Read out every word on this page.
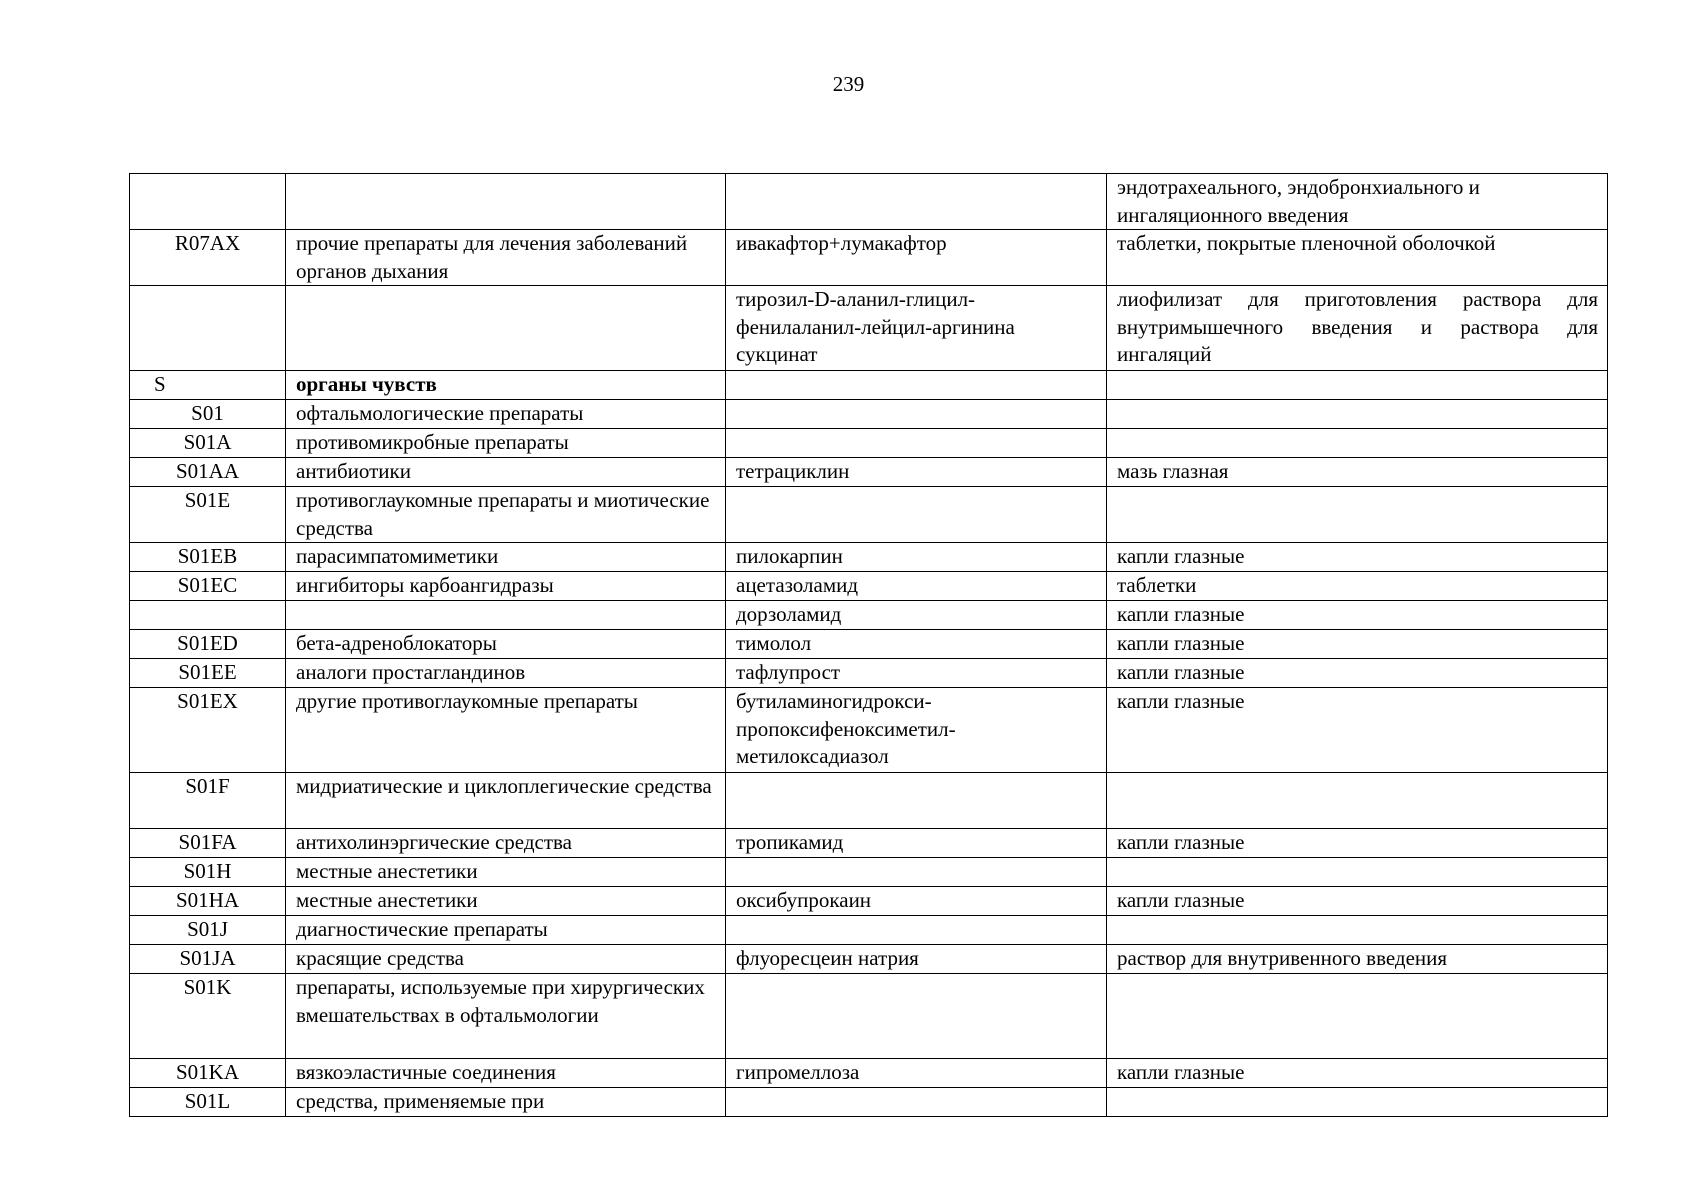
239
			эндотрахеального, эндобронхиального и ингаляционного введения
R07AX	прочие препараты для лечения заболеваний органов дыхания	ивакафтор+лумакафтор	таблетки, покрытые пленочной оболочкой
		тирозил-D-аланил-глицил-фенилаланил-лейцил-аргинина сукцинат	лиофилизат для приготовления раствора для внутримышечного введения и раствора для ингаляций
S	органы чувств		
S01	офтальмологические препараты		
S01A	противомикробные препараты		
S01AA	антибиотики	тетрациклин	мазь глазная
S01E	противоглаукомные препараты и миотические средства		
S01EB	парасимпатомиметики	пилокарпин	капли глазные
S01EC	ингибиторы карбоангидразы	ацетазоламид	таблетки
		дорзоламид	капли глазные
S01ED	бета-адреноблокаторы	тимолол	капли глазные
S01EE	аналоги простагландинов	тафлупрост	капли глазные
S01EX	другие противоглаукомные препараты	бутиламиногидрокси-пропоксифеноксиметил-метилоксадиазол	капли глазные
S01F	мидриатические и циклоплегические средства		
S01FA	антихолинэргические средства	тропикамид	капли глазные
S01H	местные анестетики		
S01HA	местные анестетики	оксибупрокаин	капли глазные
S01J	диагностические препараты		
S01JA	красящие средства	флуоресцеин натрия	раствор для внутривенного введения
S01K	препараты, используемые при хирургических вмешательствах в офтальмологии		
S01KA	вязкоэластичные соединения	гипромеллоза	капли глазные
S01L	средства, применяемые при		
